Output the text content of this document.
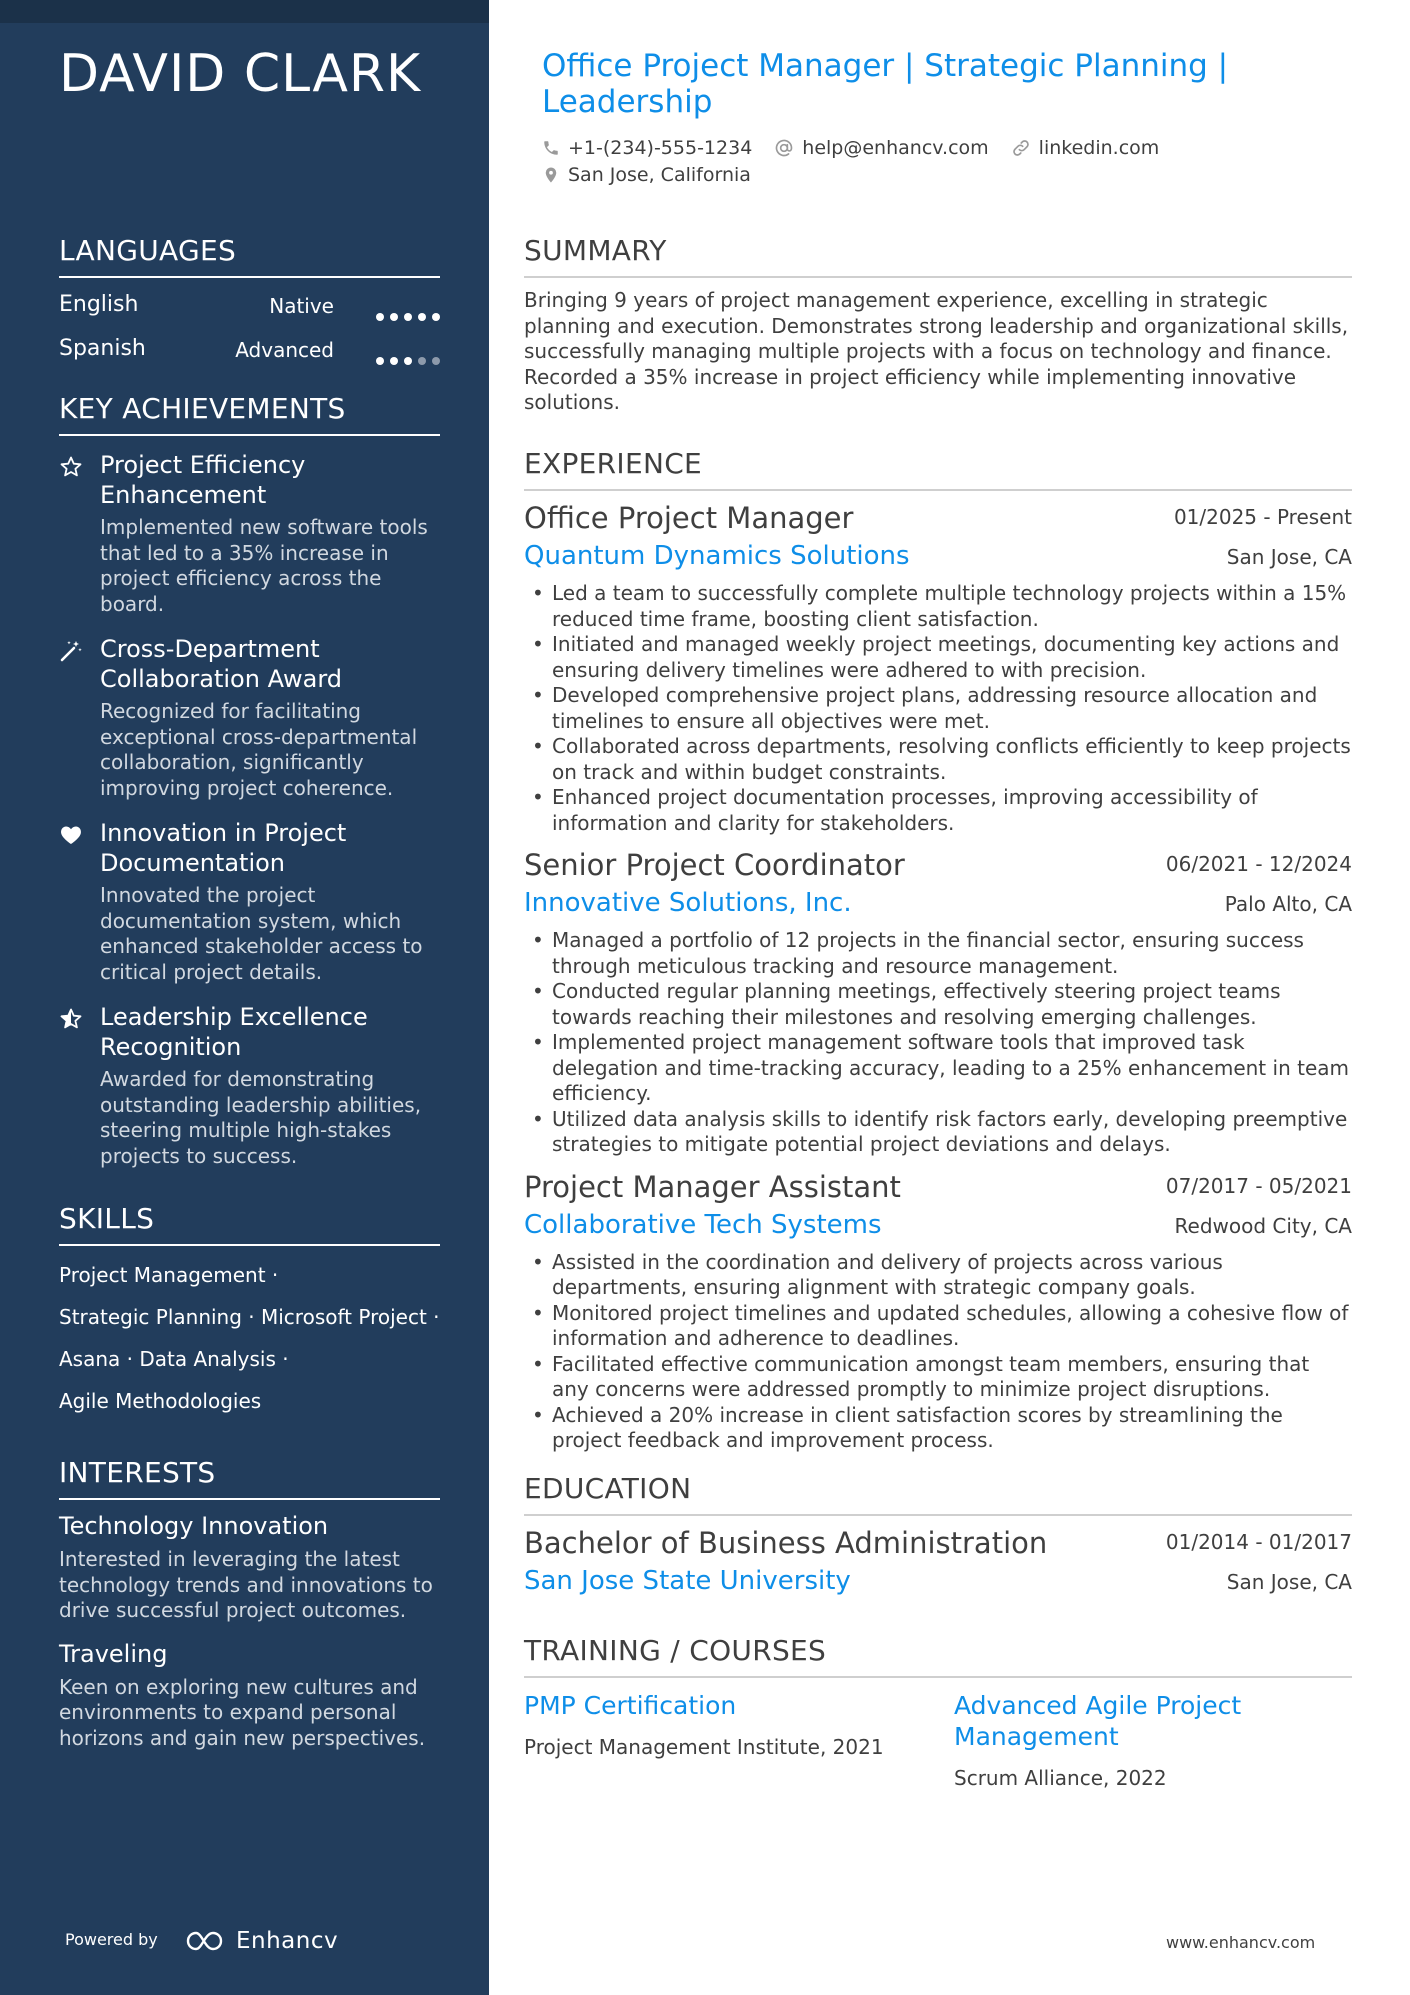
DAVID CLARK
LANGUAGES
English	Native
Spanish	Advanced
KEY ACHIEVEMENTS
Project Efficiency Enhancement
Implemented new software tools that led to a 35% increase in project efficiency across the board.
Cross-Department Collaboration Award
Recognized for facilitating exceptional cross-departmental collaboration, significantly improving project coherence.
Innovation in Project Documentation
Innovated the project documentation system, which enhanced stakeholder access to critical project details.
Leadership Excellence Recognition
Awarded for demonstrating outstanding leadership abilities, steering multiple high-stakes projects to success.
SKILLS
Project Management ·
Strategic Planning · Microsoft Project ·
Asana · Data Analysis ·
Agile Methodologies
INTERESTS
Technology Innovation
Interested in leveraging the latest technology trends and innovations to drive successful project outcomes.
Traveling
Keen on exploring new cultures and environments to expand personal horizons and gain new perspectives.
Powered by	Enhancv
Office Project Manager | Strategic Planning | Leadership
+1-(234)-555-1234	help@enhancv.com	linkedin.com
San Jose, California
SUMMARY
Bringing 9 years of project management experience, excelling in strategic planning and execution. Demonstrates strong leadership and organizational skills, successfully managing multiple projects with a focus on technology and finance. Recorded a 35% increase in project efficiency while implementing innovative solutions.
EXPERIENCE
Office Project Manager	01/2025 - Present
Quantum Dynamics Solutions	San Jose, CA
• Led a team to successfully complete multiple technology projects within a 15% reduced time frame, boosting client satisfaction.
• Initiated and managed weekly project meetings, documenting key actions and ensuring delivery timelines were adhered to with precision.
• Developed comprehensive project plans, addressing resource allocation and timelines to ensure all objectives were met.
• Collaborated across departments, resolving conflicts efficiently to keep projects on track and within budget constraints.
• Enhanced project documentation processes, improving accessibility of information and clarity for stakeholders.
Senior Project Coordinator	06/2021 - 12/2024
Innovative Solutions, Inc.	Palo Alto, CA
• Managed a portfolio of 12 projects in the financial sector, ensuring success through meticulous tracking and resource management.
• Conducted regular planning meetings, effectively steering project teams towards reaching their milestones and resolving emerging challenges.
• Implemented project management software tools that improved task delegation and time-tracking accuracy, leading to a 25% enhancement in team efficiency.
• Utilized data analysis skills to identify risk factors early, developing preemptive strategies to mitigate potential project deviations and delays.
Project Manager Assistant	07/2017 - 05/2021
Collaborative Tech Systems	Redwood City, CA
• Assisted in the coordination and delivery of projects across various departments, ensuring alignment with strategic company goals.
• Monitored project timelines and updated schedules, allowing a cohesive flow of information and adherence to deadlines.
• Facilitated effective communication amongst team members, ensuring that any concerns were addressed promptly to minimize project disruptions.
• Achieved a 20% increase in client satisfaction scores by streamlining the project feedback and improvement process.
EDUCATION
Bachelor of Business Administration	01/2014 - 01/2017
San Jose State University	San Jose, CA
TRAINING / COURSES
PMP Certification
Project Management Institute, 2021
Advanced Agile Project Management
Scrum Alliance, 2022
www.enhancv.com
